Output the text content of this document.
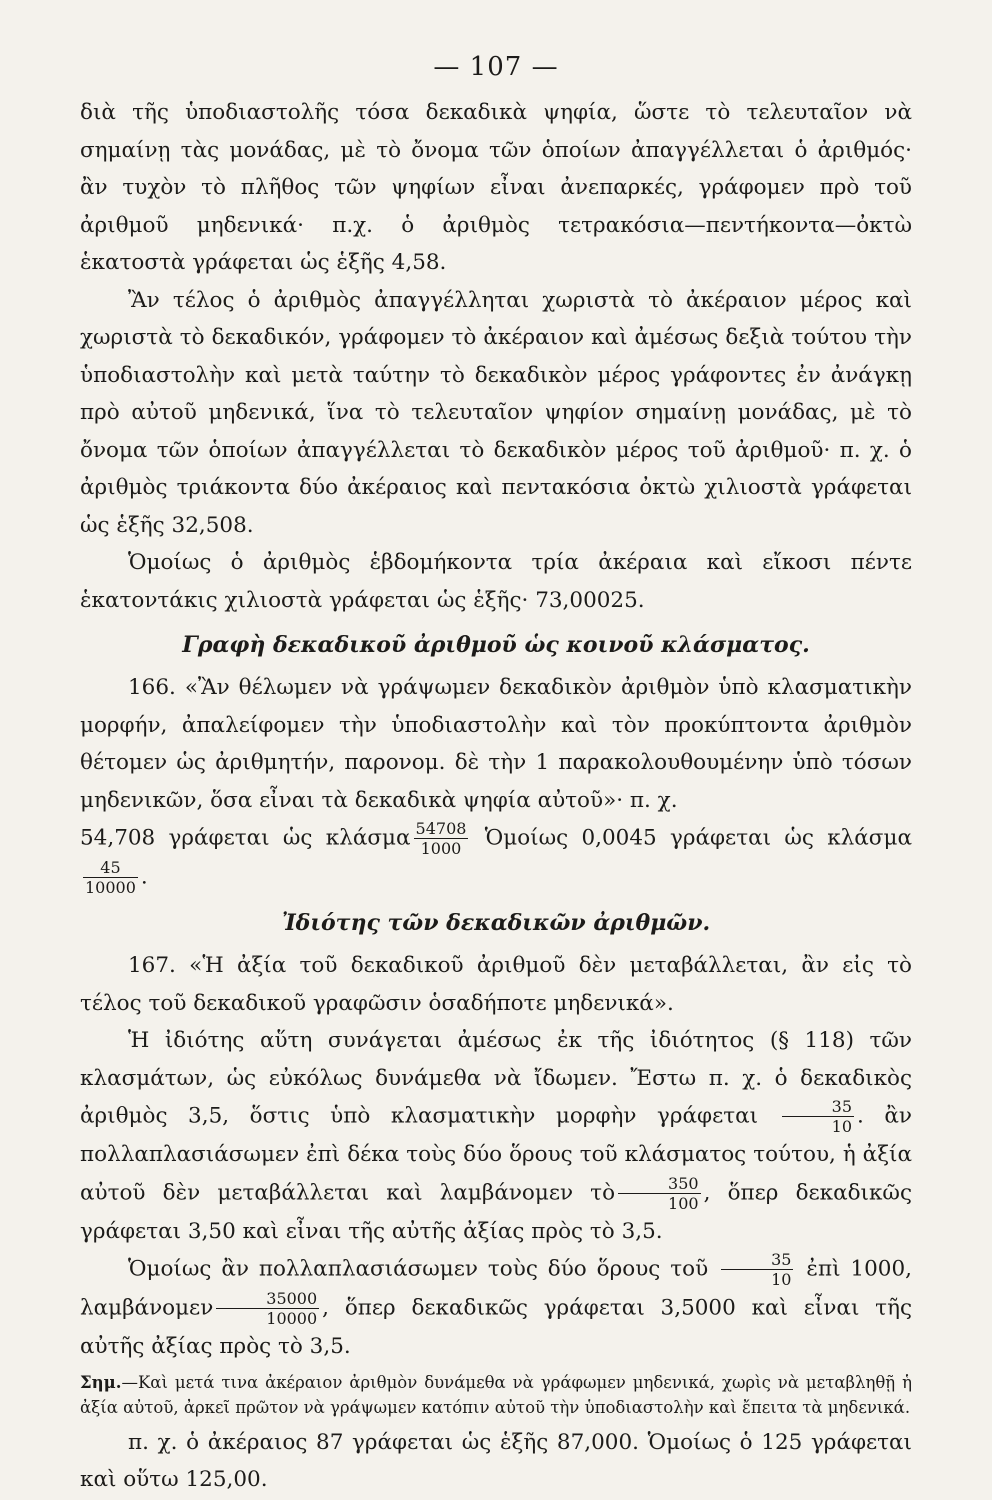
— 107 —

διὰ τῆς ὑποδιαστολῆς τόσα δεκαδικὰ ψηφία, ὥστε τὸ τελευταῖον νὰ σημαίνῃ τὰς μονάδας, μὲ τὸ ὄνομα τῶν ὁποίων ἀπαγγέλλεται ὁ ἀριθμός· ἂν τυχὸν τὸ πλῆθος τῶν ψηφίων εἶναι ἀνεπαρκές, γράφομεν πρὸ τοῦ ἀριθμοῦ μηδενικά· π.χ. ὁ ἀριθμὸς τετρακόσια—πεντήκοντα—ὀκτὼ ἑκατοστὰ γράφεται ὡς ἑξῆς 4,58.

Ἂν τέλος ὁ ἀριθμὸς ἀπαγγέλληται χωριστὰ τὸ ἀκέραιον μέρος καὶ χωριστὰ τὸ δεκαδικόν, γράφομεν τὸ ἀκέραιον καὶ ἀμέσως δεξιὰ τούτου τὴν ὑποδιαστολὴν καὶ μετὰ ταύτην τὸ δεκαδικὸν μέρος γράφοντες ἐν ἀνάγκῃ πρὸ αὐτοῦ μηδενικά, ἵνα τὸ τελευταῖον ψηφίον σημαίνῃ μονάδας, μὲ τὸ ὄνομα τῶν ὁποίων ἀπαγγέλλεται τὸ δεκαδικὸν μέρος τοῦ ἀριθμοῦ· π. χ. ὁ ἀριθμὸς τριάκοντα δύο ἀκέραιος καὶ πεντακόσια ὀκτὼ χιλιοστὰ γράφεται ὡς ἑξῆς 32,508.

Ὁμοίως ὁ ἀριθμὸς ἑβδομήκοντα τρία ἀκέραια καὶ εἴκοσι πέντε ἑκατοντάκις χιλιοστὰ γράφεται ὡς ἑξῆς· 73,00025.

Γραφὴ δεκαδικοῦ ἀριθμοῦ ὡς κοινοῦ κλάσματος.

166. «Ἂν θέλωμεν νὰ γράψωμεν δεκαδικὸν ἀριθμὸν ὑπὸ κλασματικὴν μορφήν, ἀπαλείφομεν τὴν ὑποδιαστολὴν καὶ τὸν προκύπτοντα ἀριθμὸν θέτομεν ὡς ἀριθμητήν, παρονομ. δὲ τὴν 1 παρακολουθουμένην ὑπὸ τόσων μηδενικῶν, ὅσα εἶναι τὰ δεκαδικὰ ψηφία αὐτοῦ»· π. χ.

54,708 γράφεται ὡς κλάσμα $\frac{54708}{1000}$ Ὁμοίως 0,0045 γράφεται ὡς κλάσμα
$\frac{45}{10000}$ .

Ἰδιότης τῶν δεκαδικῶν ἀριθμῶν.

167. «Ἡ ἀξία τοῦ δεκαδικοῦ ἀριθμοῦ δὲν μεταβάλλεται, ἂν εἰς τὸ τέλος τοῦ δεκαδικοῦ γραφῶσιν ὁσαδήποτε μηδενικά».

Ἡ ἰδιότης αὕτη συνάγεται ἀμέσως ἐκ τῆς ἰδιότητος (§ 118) τῶν κλασμάτων, ὡς εὐκόλως δυνάμεθα νὰ ἴδωμεν. Ἔστω π. χ. ὁ δεκαδικὸς ἀριθμὸς 3,5, ὅστις ὑπὸ κλασματικὴν μορφὴν γράφεται $\frac{35}{10}$ . ἂν πολλαπλασιάσωμεν ἐπὶ δέκα τοὺς δύο ὅρους τοῦ κλάσματος τούτου, ἡ ἀξία αὐτοῦ δὲν μεταβάλλεται καὶ λαμβάνομεν τὸ $\frac{350}{100}$ , ὅπερ δεκαδικῶς γράφεται 3,50 καὶ εἶναι τῆς αὐτῆς ἀξίας πρὸς τὸ 3,5.

Ὁμοίως ἂν πολλαπλασιάσωμεν τοὺς δύο ὅρους τοῦ $\frac{35}{10}$ ἐπὶ 1000, λαμβάνομεν $\frac{35000}{10000}$ , ὅπερ δεκαδικῶς γράφεται 3,5000 καὶ εἶναι τῆς αὐτῆς ἀξίας πρὸς τὸ 3,5.

Σημ.—Καὶ μετά τινα ἀκέραιον ἀριθμὸν δυνάμεθα νὰ γράφωμεν μηδενικά, χωρὶς νὰ μεταβληθῇ ἡ ἀξία αὐτοῦ, ἀρκεῖ πρῶτον νὰ γράψωμεν κατόπιν αὐτοῦ τὴν ὑποδιαστολὴν καὶ ἔπειτα τὰ μηδενικά.

π. χ. ὁ ἀκέραιος 87 γράφεται ὡς ἑξῆς 87,000. Ὁμοίως ὁ 125 γράφεται καὶ οὕτω 125,00.
